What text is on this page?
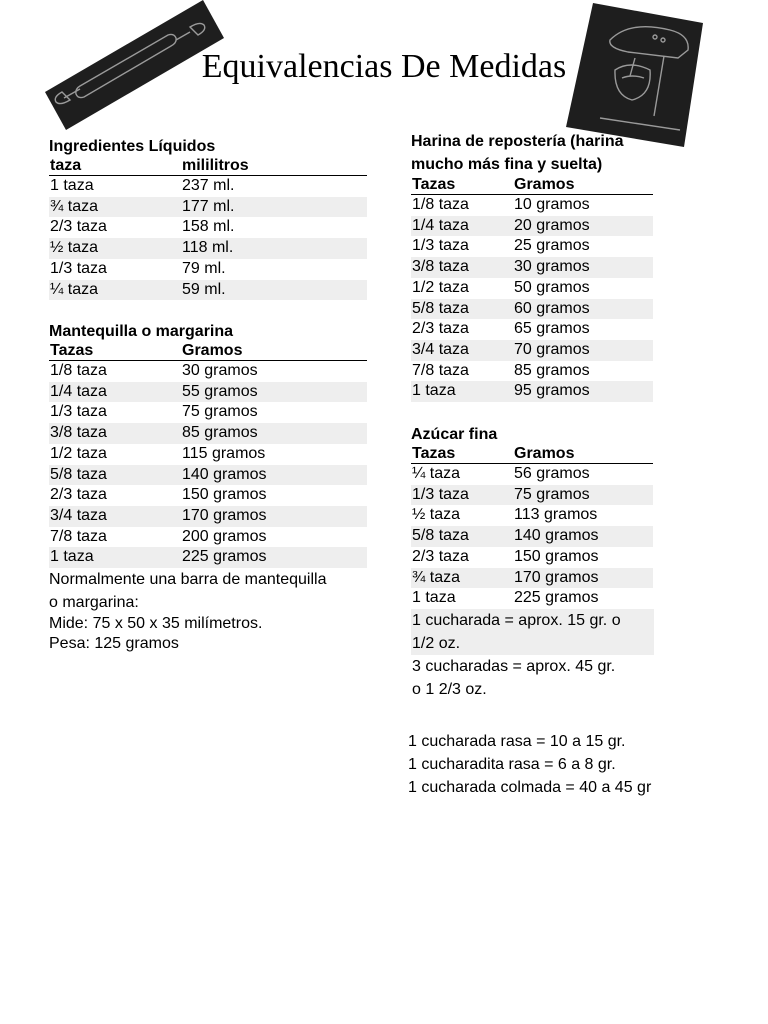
Equivalencias De Medidas
Ingredientes Líquidos
taza	mililitros
1 taza	237 ml.
¾ taza	177 ml.
2/3 taza	158 ml.
½ taza	118 ml.
1/3 taza	79 ml.
¼ taza	59 ml.
Mantequilla o margarina
Tazas	Gramos
1/8 taza	30 gramos
1/4 taza	55 gramos
1/3 taza	75 gramos
3/8 taza	85 gramos
1/2 taza	115 gramos
5/8 taza	140 gramos
2/3 taza	150 gramos
3/4 taza	170 gramos
7/8 taza	200 gramos
1 taza	225 gramos

Normalmente una barra de mantequilla

o margarina:

Mide: 75 x 50 x 35 milímetros.

Pesa: 125 gramos

Harina de repostería (harina
mucho más fina y suelta)
Tazas	Gramos
1/8 taza	10 gramos
1/4 taza	20 gramos
1/3 taza	25 gramos
3/8 taza	30 gramos
1/2 taza	50 gramos
5/8 taza	60 gramos
2/3 taza	65 gramos
3/4 taza	70 gramos
7/8 taza	85 gramos
1 taza	95 gramos
Azúcar fina
Tazas	Gramos
¼ taza	56 gramos
1/3 taza	75 gramos
½ taza	113 gramos
5/8 taza	140 gramos
2/3 taza	150 gramos
¾ taza	170 gramos
1 taza	225 gramos

1 cucharada = aprox. 15 gr. o

1/2 oz.

3 cucharadas = aprox. 45 gr.

o 1 2/3 oz.

1 cucharada rasa = 10 a 15 gr.

1 cucharadita rasa = 6 a 8 gr.

1 cucharada colmada = 40 a 45 gr
